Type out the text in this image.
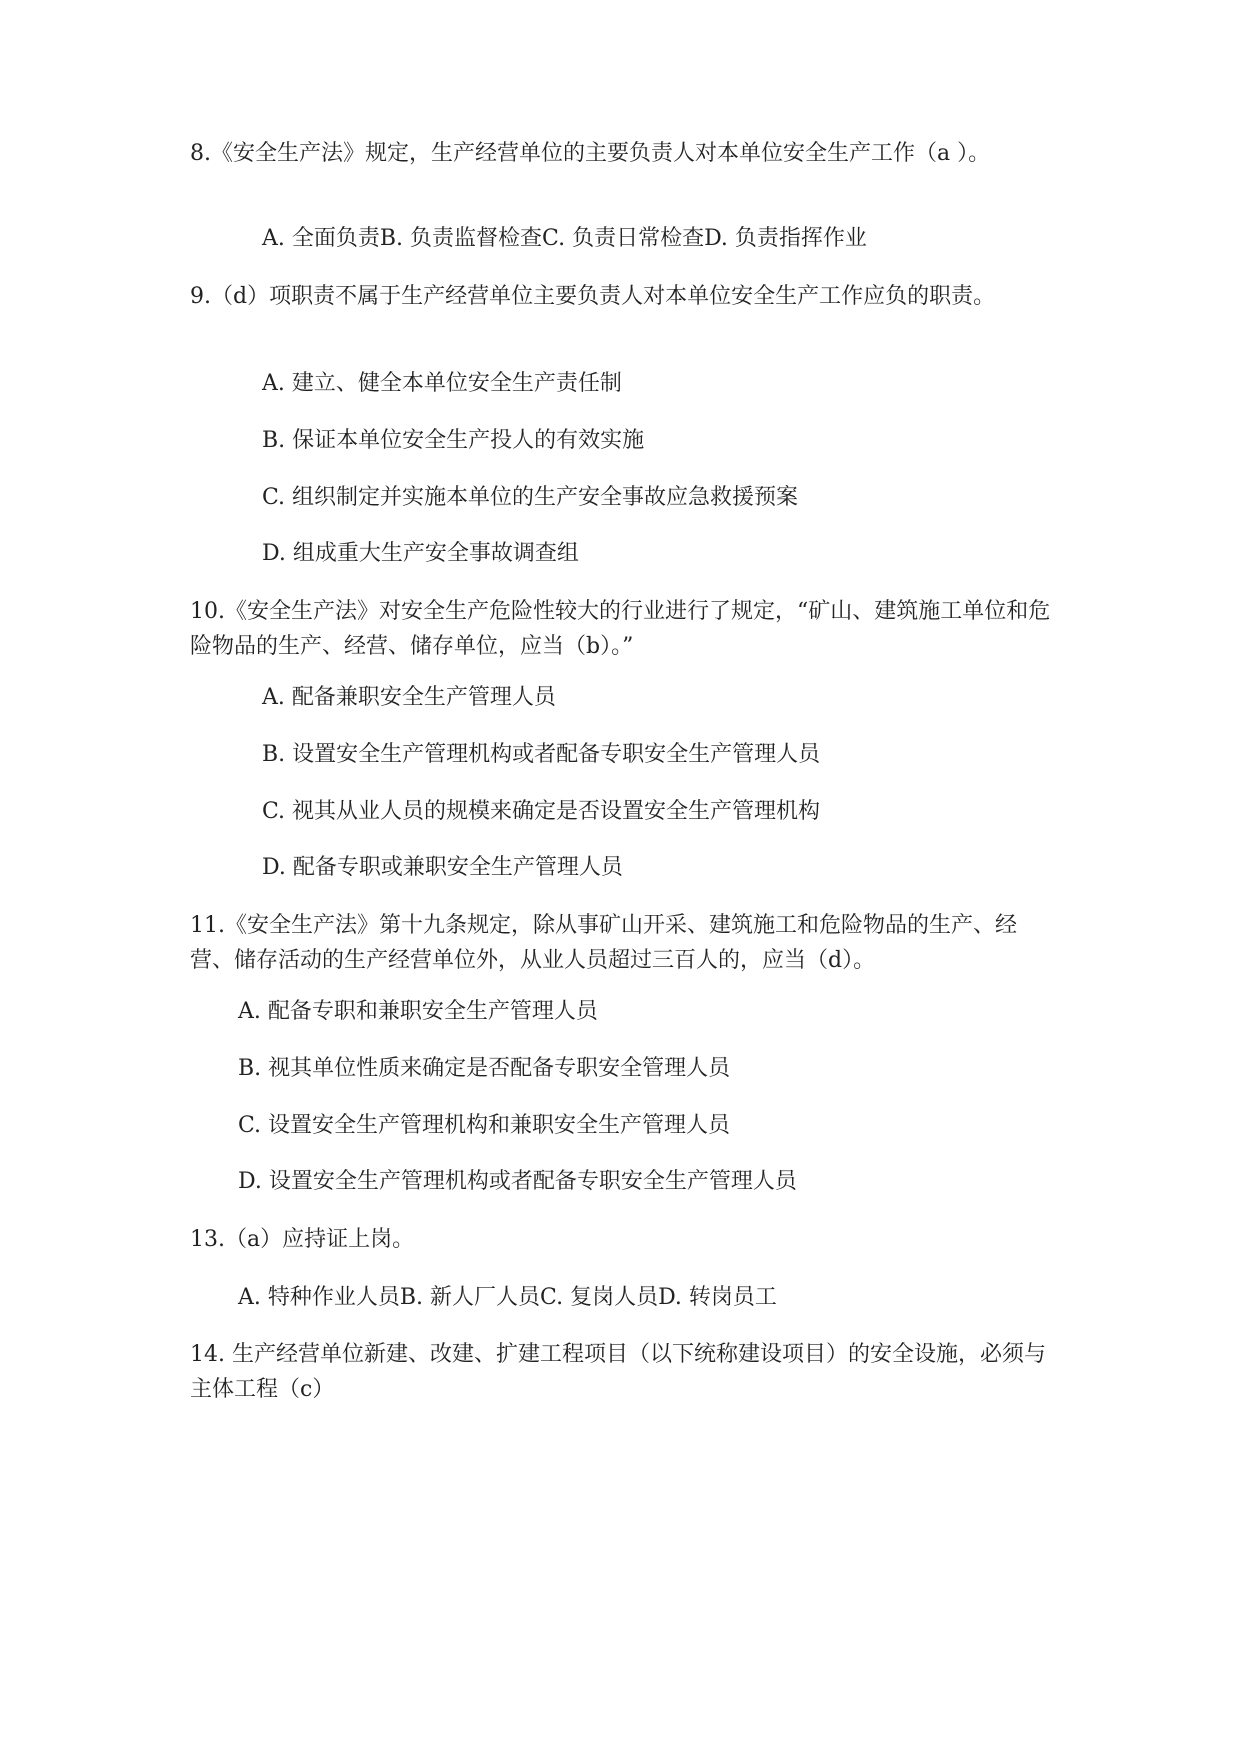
8.《安全生产法》规定，生产经营单位的主要负责人对本单位安全生产工作（a ）。

A. 全面负责B. 负责监督检查C. 负责日常检查D. 负责指挥作业

9.（d）项职责不属于生产经营单位主要负责人对本单位安全生产工作应负的职责。

A. 建立、健全本单位安全生产责任制

B. 保证本单位安全生产投人的有效实施

C. 组织制定并实施本单位的生产安全事故应急救援预案

D. 组成重大生产安全事故调查组

10.《安全生产法》对安全生产危险性较大的行业进行了规定，“矿山、建筑施工单位和危险物品的生产、经营、储存单位，应当（b）。”

A. 配备兼职安全生产管理人员

B. 设置安全生产管理机构或者配备专职安全生产管理人员

C. 视其从业人员的规模来确定是否设置安全生产管理机构

D. 配备专职或兼职安全生产管理人员

11.《安全生产法》第十九条规定，除从事矿山开采、建筑施工和危险物品的生产、经营、储存活动的生产经营单位外，从业人员超过三百人的，应当（d）。

A. 配备专职和兼职安全生产管理人员

B. 视其单位性质来确定是否配备专职安全管理人员

C. 设置安全生产管理机构和兼职安全生产管理人员

D. 设置安全生产管理机构或者配备专职安全生产管理人员

13.（a）应持证上岗。

A. 特种作业人员B. 新人厂人员C. 复岗人员D. 转岗员工

14. 生产经营单位新建、改建、扩建工程项目（以下统称建设项目）的安全设施，必须与主体工程（c）
